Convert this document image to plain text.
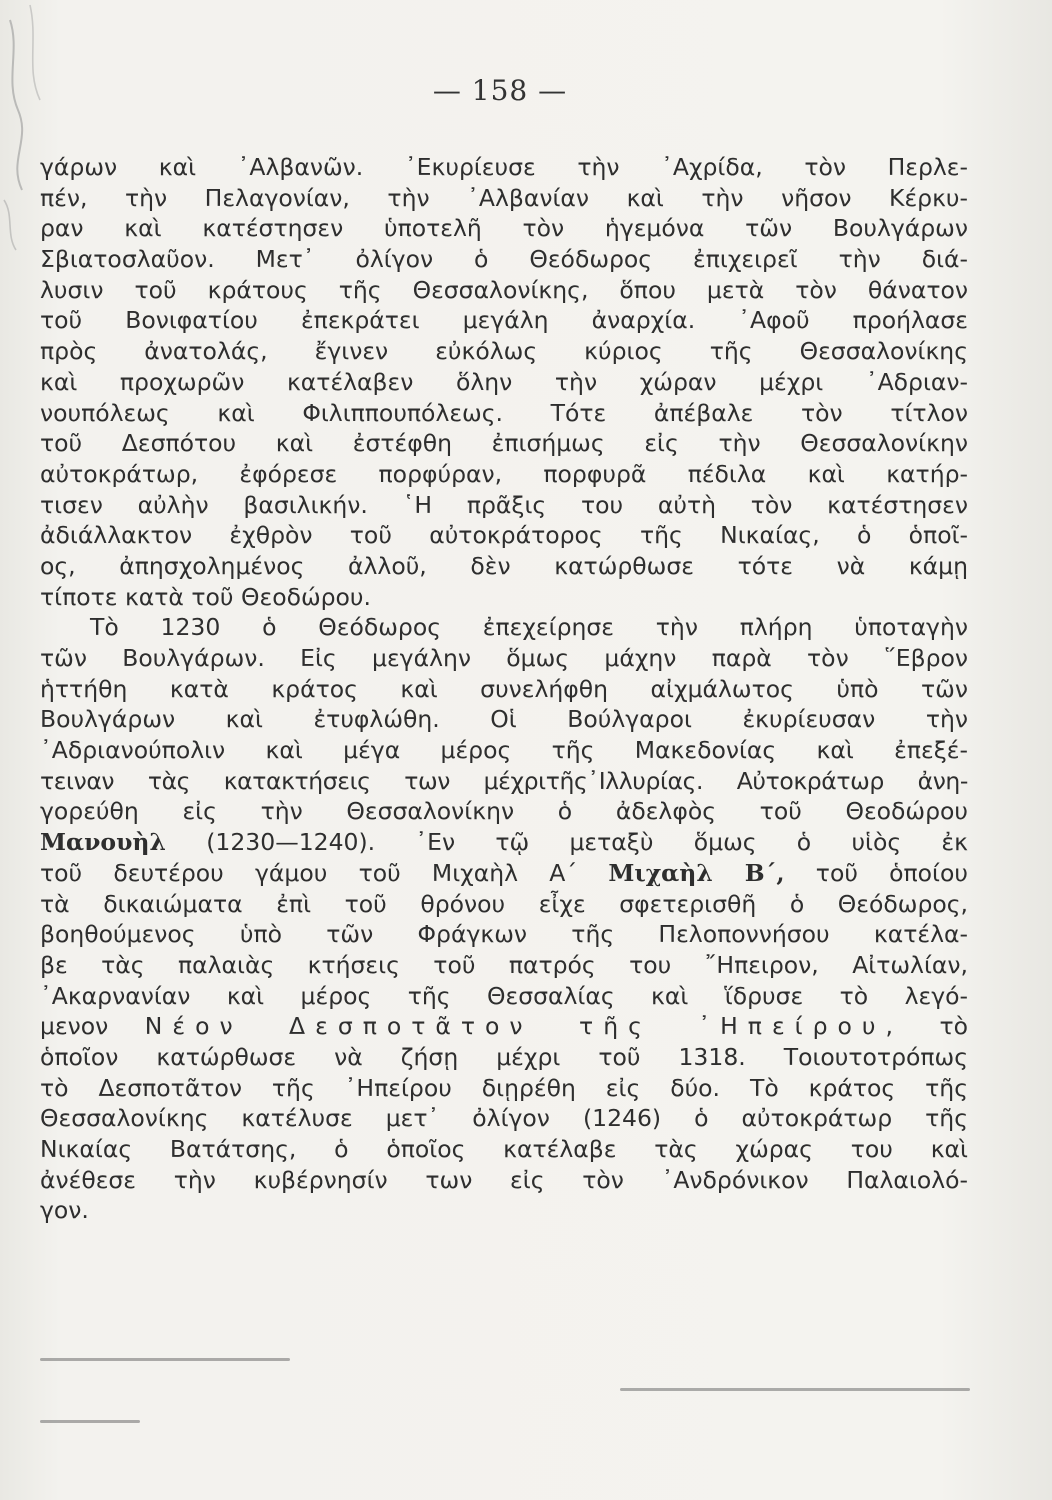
— 158 —
γάρων καὶ ᾿Αλβανῶν. ᾿Εκυρίευσε τὴν ᾿Αχρίδα, τὸν Περλε-
πέν, τὴν Πελαγονίαν, τὴν ᾿Αλβανίαν καὶ τὴν νῆσον Κέρκυ-
ραν καὶ κατέστησεν ὑποτελῆ τὸν ἡγεμόνα τῶν Βουλγάρων
Σβιατοσλαῦον. Μετ᾿ ὀλίγον ὁ Θεόδωρος ἐπιχειρεῖ τὴν διά-
λυσιν τοῦ κράτους τῆς Θεσσαλονίκης, ὅπου μετὰ τὸν θάνατον
τοῦ Βονιφατίου ἐπεκράτει μεγάλη ἀναρχία. ᾿Αφοῦ προήλασε
πρὸς ἀνατολάς, ἔγινεν εὐκόλως κύριος τῆς Θεσσαλονίκης
καὶ προχωρῶν κατέλαβεν ὅλην τὴν χώραν μέχρι ᾿Αδριαν-
νουπόλεως καὶ Φιλιππουπόλεως. Τότε ἀπέβαλε τὸν τίτλον
τοῦ Δεσπότου καὶ ἐστέφθη ἐπισήμως εἰς τὴν Θεσσαλονίκην
αὐτοκράτωρ, ἐφόρεσε πορφύραν, πορφυρᾶ πέδιλα καὶ κατήρ-
τισεν αὐλὴν βασιλικήν. ῾Η πρᾶξις του αὐτὴ τὸν κατέστησεν
ἀδιάλλακτον ἐχθρὸν τοῦ αὐτοκράτορος τῆς Νικαίας, ὁ ὁποῖ-
ος, ἀπησχολημένος ἀλλοῦ, δὲν κατώρθωσε τότε νὰ κάμῃ
τίποτε κατὰ τοῦ Θεοδώρου.
Τὸ 1230 ὁ Θεόδωρος ἐπεχείρησε τὴν πλήρη ὑποταγὴν
τῶν Βουλγάρων. Εἰς μεγάλην ὅμως μάχην παρὰ τὸν ῞Εβρον
ἡττήθη κατὰ κράτος καὶ συνελήφθη αἰχμάλωτος ὑπὸ τῶν
Βουλγάρων καὶ ἐτυφλώθη. Οἱ Βούλγαροι ἐκυρίευσαν τὴν
᾿Αδριανούπολιν καὶ μέγα μέρος τῆς Μακεδονίας καὶ ἐπεξέ-
τειναν τὰς κατακτήσεις των μέχριτῆς᾿Ιλλυρίας. Αὐτοκράτωρ ἀνη-
γορεύθη εἰς τὴν Θεσσαλονίκην ὁ ἀδελφὸς τοῦ Θεοδώρου
Μανουὴλ (1230—1240). ᾿Εν τῷ μεταξὺ ὅμως ὁ υἱὸς ἐκ
τοῦ δευτέρου γάμου τοῦ Μιχαὴλ Α΄ Μιχαὴλ Β΄, τοῦ ὁποίου
τὰ δικαιώματα ἐπὶ τοῦ θρόνου εἶχε σφετερισθῆ ὁ Θεόδωρος,
βοηθούμενος ὑπὸ τῶν Φράγκων τῆς Πελοποννήσου κατέλα-
βε τὰς παλαιὰς κτήσεις τοῦ πατρός του ῎Ηπειρον, Αἰτωλίαν,
᾿Ακαρνανίαν καὶ μέρος τῆς Θεσσαλίας καὶ ἵδρυσε τὸ λεγό-
μενον Νέον Δεσποτᾶτον τῆς ᾿Ηπείρου, τὸ
ὁποῖον κατώρθωσε νὰ ζήσῃ μέχρι τοῦ 1318. Τοιουτοτρόπως
τὸ Δεσποτᾶτον τῆς ᾿Ηπείρου διῃρέθη εἰς δύο. Τὸ κράτος τῆς
Θεσσαλονίκης κατέλυσε μετ᾿ ὀλίγον (1246) ὁ αὐτοκράτωρ τῆς
Νικαίας Βατάτσης, ὁ ὁποῖος κατέλαβε τὰς χώρας του καὶ
ἀνέθεσε τὴν κυβέρνησίν των εἰς τὸν ᾿Ανδρόνικον Παλαιολό-
γον.
